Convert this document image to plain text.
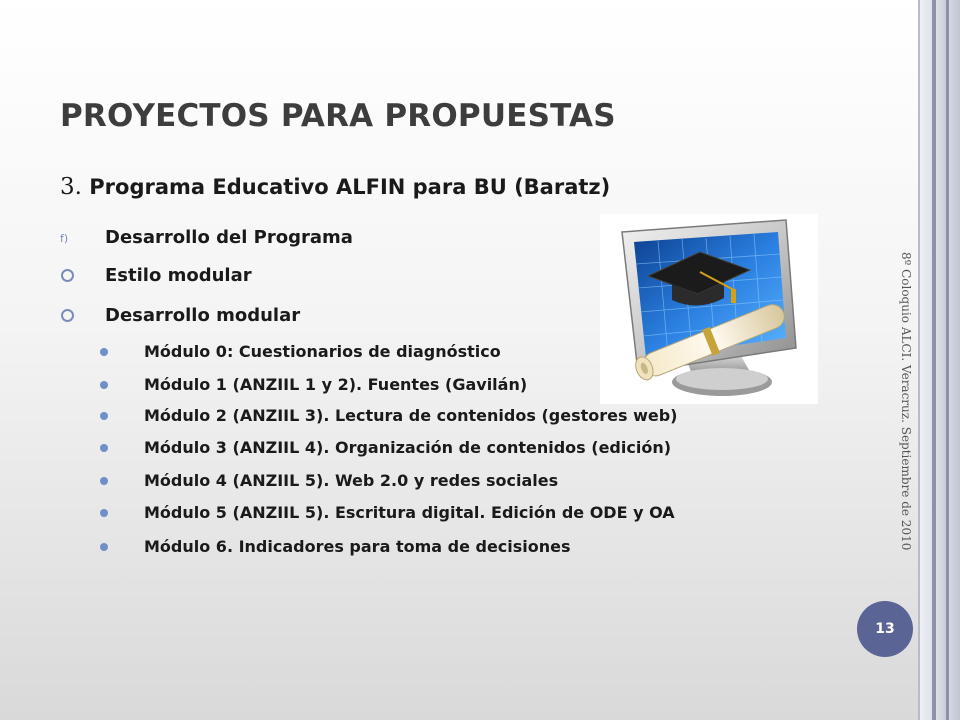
PROYECTOS PARA PROPUESTAS
3. Programa Educativo ALFIN para BU (Baratz)
f) Desarrollo del Programa
Estilo modular
Desarrollo modular
Módulo 0: Cuestionarios de diagnóstico
Módulo 1 (ANZIIL 1 y 2). Fuentes (Gavilán)
Módulo 2 (ANZIIL 3). Lectura de contenidos (gestores web)
Módulo 3 (ANZIIL 4). Organización de contenidos (edición)
Módulo 4 (ANZIIL 5). Web 2.0 y redes sociales
Módulo 5 (ANZIIL 5). Escritura digital. Edición de ODE y OA
Módulo 6. Indicadores para toma de decisiones	8º Coloquio ALCI. Veracruz. Septiembre de 2010
13
